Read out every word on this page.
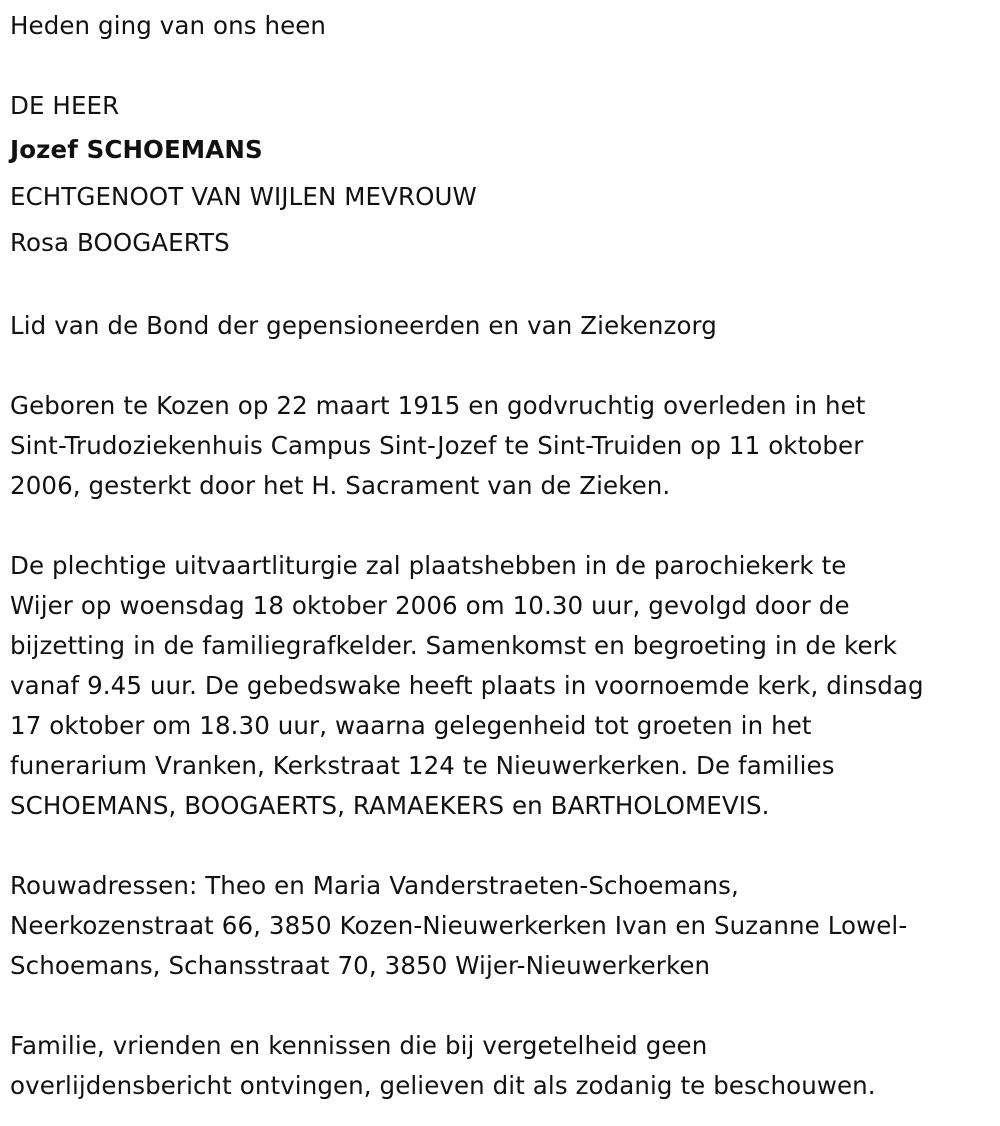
Heden ging van ons heen

DE HEER

Jozef SCHOEMANS

ECHTGENOOT VAN WIJLEN MEVROUW

Rosa BOOGAERTS

Lid van de Bond der gepensioneerden en van Ziekenzorg

Geboren te Kozen op 22 maart 1915 en godvruchtig overleden in het

Sint-Trudoziekenhuis Campus Sint-Jozef te Sint-Truiden op 11 oktober

2006, gesterkt door het H. Sacrament van de Zieken.

De plechtige uitvaartliturgie zal plaatshebben in de parochiekerk te

Wijer op woensdag 18 oktober 2006 om 10.30 uur, gevolgd door de

bijzetting in de familiegrafkelder. Samenkomst en begroeting in de kerk

vanaf 9.45 uur. De gebedswake heeft plaats in voornoemde kerk, dinsdag

17 oktober om 18.30 uur, waarna gelegenheid tot groeten in het

funerarium Vranken, Kerkstraat 124 te Nieuwerkerken. De families

SCHOEMANS, BOOGAERTS, RAMAEKERS en BARTHOLOMEVIS.

Rouwadressen: Theo en Maria Vanderstraeten-Schoemans,

Neerkozenstraat 66, 3850 Kozen-Nieuwerkerken Ivan en Suzanne Lowel-

Schoemans, Schansstraat 70, 3850 Wijer-Nieuwerkerken

Familie, vrienden en kennissen die bij vergetelheid geen

overlijdensbericht ontvingen, gelieven dit als zodanig te beschouwen.
